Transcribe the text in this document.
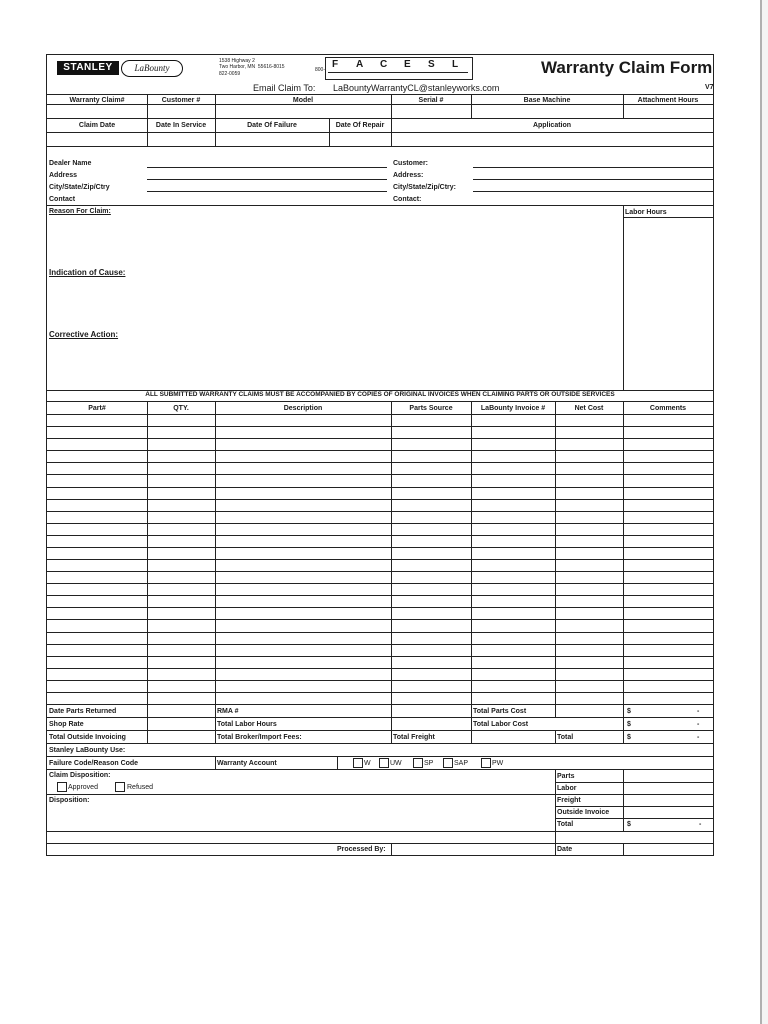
STANLEY	LaBounty
1538 Highway 2
Two Harbor, MN  55616-8015
822-0059
800- F A C E S L	Warranty Claim Form
Email Claim To: LaBountyWarrantyCL@stanleyworks.com	V7
Warranty Claim#	Customer #	Model	Serial #	Base Machine	Attachment Hours
Claim Date	Date In Service	Date Of Failure	Date Of Repair	Application
Dealer Name
Address
City/State/Zip/Ctry
Contact
Customer:
Address:
City/State/Zip/Ctry:
Contact:
Reason For Claim:	Labor Hours
Indication of Cause:
Corrective Action:
ALL SUBMITTED WARRANTY CLAIMS MUST BE ACCOMPANIED BY COPIES OF ORIGINAL INVOICES WHEN CLAIMING PARTS OR OUTSIDE SERVICES
Part#	QTY.	Description	Parts Source	LaBounty Invoice #	Net Cost	Comments
Date Parts Returned	RMA #	Total Parts Cost	$	-
Shop Rate	Total Labor Hours	Total Labor Cost	$	-
Total Outside Invoicing	Total Broker/Import Fees:	Total Freight	Total	$	-
Stanley LaBounty Use:
Failure Code/Reason Code	Warranty Account	W	UW	SP	SAP	PW
Claim Disposition:
Approved	Refused
Disposition:
Parts
Labor
Freight
Outside Invoice
Total	$	-
Processed By:	Date
